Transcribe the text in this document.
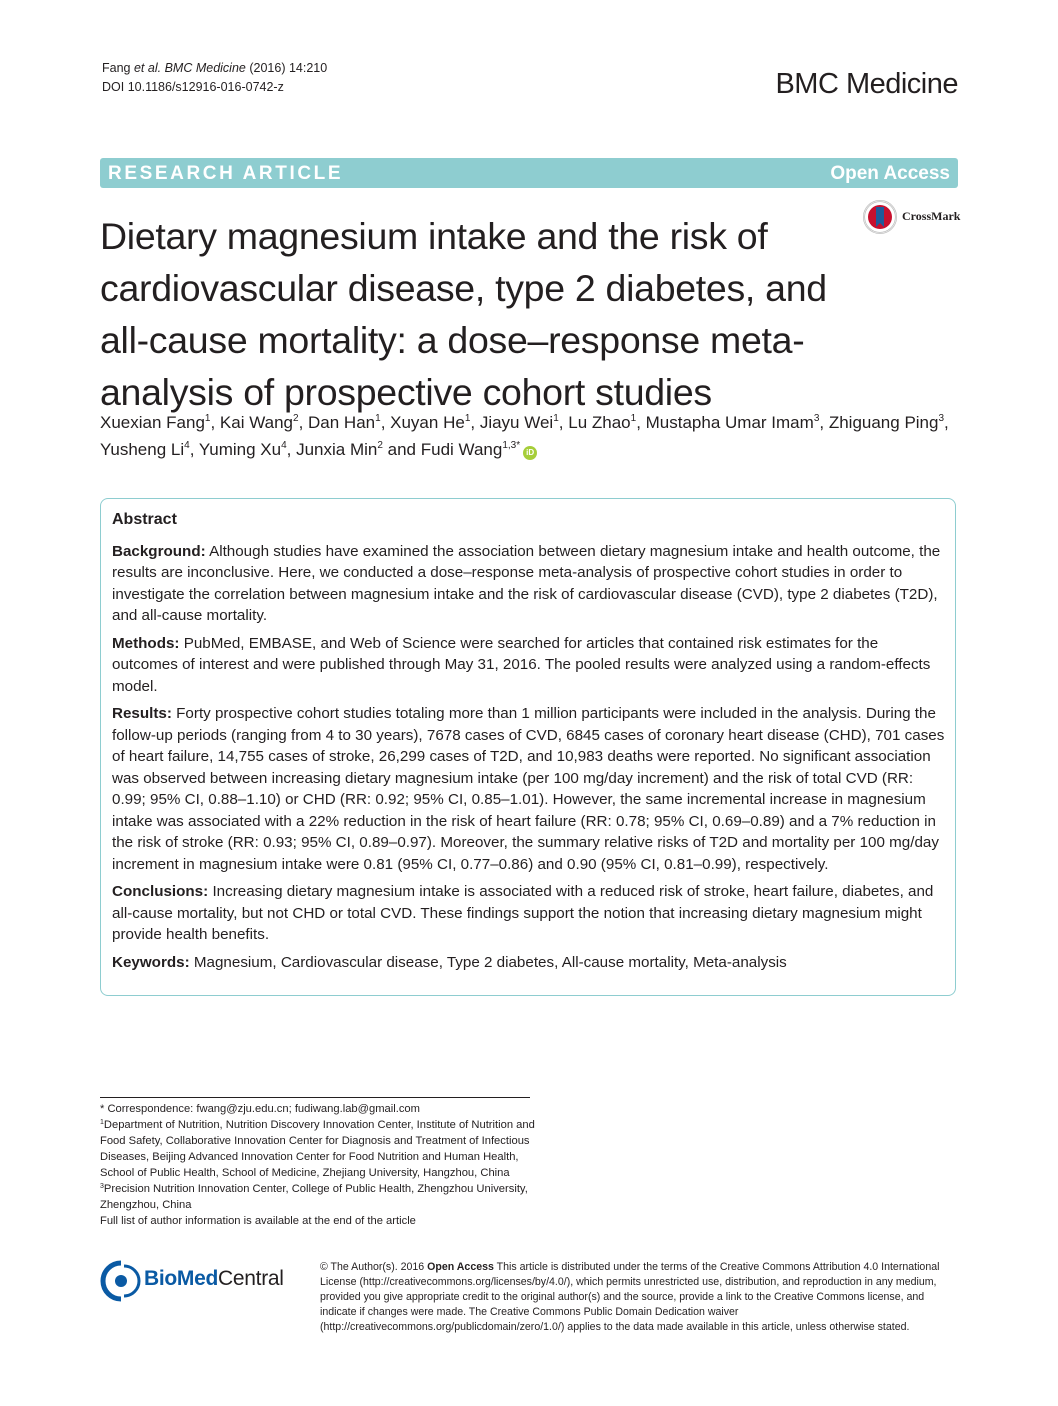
Fang et al. BMC Medicine (2016) 14:210
DOI 10.1186/s12916-016-0742-z	BMC Medicine
RESEARCH ARTICLE	Open Access
Dietary magnesium intake and the risk of cardiovascular disease, type 2 diabetes, and all-cause mortality: a dose–response meta-analysis of prospective cohort studies
CrossMark
Xuexian Fang$^1$, Kai Wang$^2$, Dan Han$^1$, Xuyan He$^1$, Jiayu Wei$^1$, Lu Zhao$^1$, Mustapha Umar Imam$^3$, Zhiguang Ping$^3$, Yusheng Li$^4$, Yuming Xu$^4$, Junxia Min$^2$ and Fudi Wang$^{1,3*}$iD
Abstract

Background: Although studies have examined the association between dietary magnesium intake and health outcome, the results are inconclusive. Here, we conducted a dose–response meta-analysis of prospective cohort studies in order to investigate the correlation between magnesium intake and the risk of cardiovascular disease (CVD), type 2 diabetes (T2D), and all-cause mortality.

Methods: PubMed, EMBASE, and Web of Science were searched for articles that contained risk estimates for the outcomes of interest and were published through May 31, 2016. The pooled results were analyzed using a random-effects model.

Results: Forty prospective cohort studies totaling more than 1 million participants were included in the analysis. During the follow-up periods (ranging from 4 to 30 years), 7678 cases of CVD, 6845 cases of coronary heart disease (CHD), 701 cases of heart failure, 14,755 cases of stroke, 26,299 cases of T2D, and 10,983 deaths were reported. No significant association was observed between increasing dietary magnesium intake (per 100 mg/day increment) and the risk of total CVD (RR: 0.99; 95% CI, 0.88–1.10) or CHD (RR: 0.92; 95% CI, 0.85–1.01). However, the same incremental increase in magnesium intake was associated with a 22% reduction in the risk of heart failure (RR: 0.78; 95% CI, 0.69–0.89) and a 7% reduction in the risk of stroke (RR: 0.93; 95% CI, 0.89–0.97). Moreover, the summary relative risks of T2D and mortality per 100 mg/day increment in magnesium intake were 0.81 (95% CI, 0.77–0.86) and 0.90 (95% CI, 0.81–0.99), respectively.

Conclusions: Increasing dietary magnesium intake is associated with a reduced risk of stroke, heart failure, diabetes, and all-cause mortality, but not CHD or total CVD. These findings support the notion that increasing dietary magnesium might provide health benefits.

Keywords: Magnesium, Cardiovascular disease, Type 2 diabetes, All-cause mortality, Meta-analysis

* Correspondence: fwang@zju.edu.cn; fudiwang.lab@gmail.com

$^1$Department of Nutrition, Nutrition Discovery Innovation Center, Institute of Nutrition and Food Safety, Collaborative Innovation Center for Diagnosis and Treatment of Infectious Diseases, Beijing Advanced Innovation Center for Food Nutrition and Human Health, School of Public Health, School of Medicine, Zhejiang University, Hangzhou, China

$^3$Precision Nutrition Innovation Center, College of Public Health, Zhengzhou University, Zhengzhou, China

Full list of author information is available at the end of the article

BioMedCentral	© The Author(s). 2016 Open Access This article is distributed under the terms of the Creative Commons Attribution 4.0 International License (http://creativecommons.org/licenses/by/4.0/), which permits unrestricted use, distribution, and reproduction in any medium, provided you give appropriate credit to the original author(s) and the source, provide a link to the Creative Commons license, and indicate if changes were made. The Creative Commons Public Domain Dedication waiver (http://creativecommons.org/publicdomain/zero/1.0/) applies to the data made available in this article, unless otherwise stated.
